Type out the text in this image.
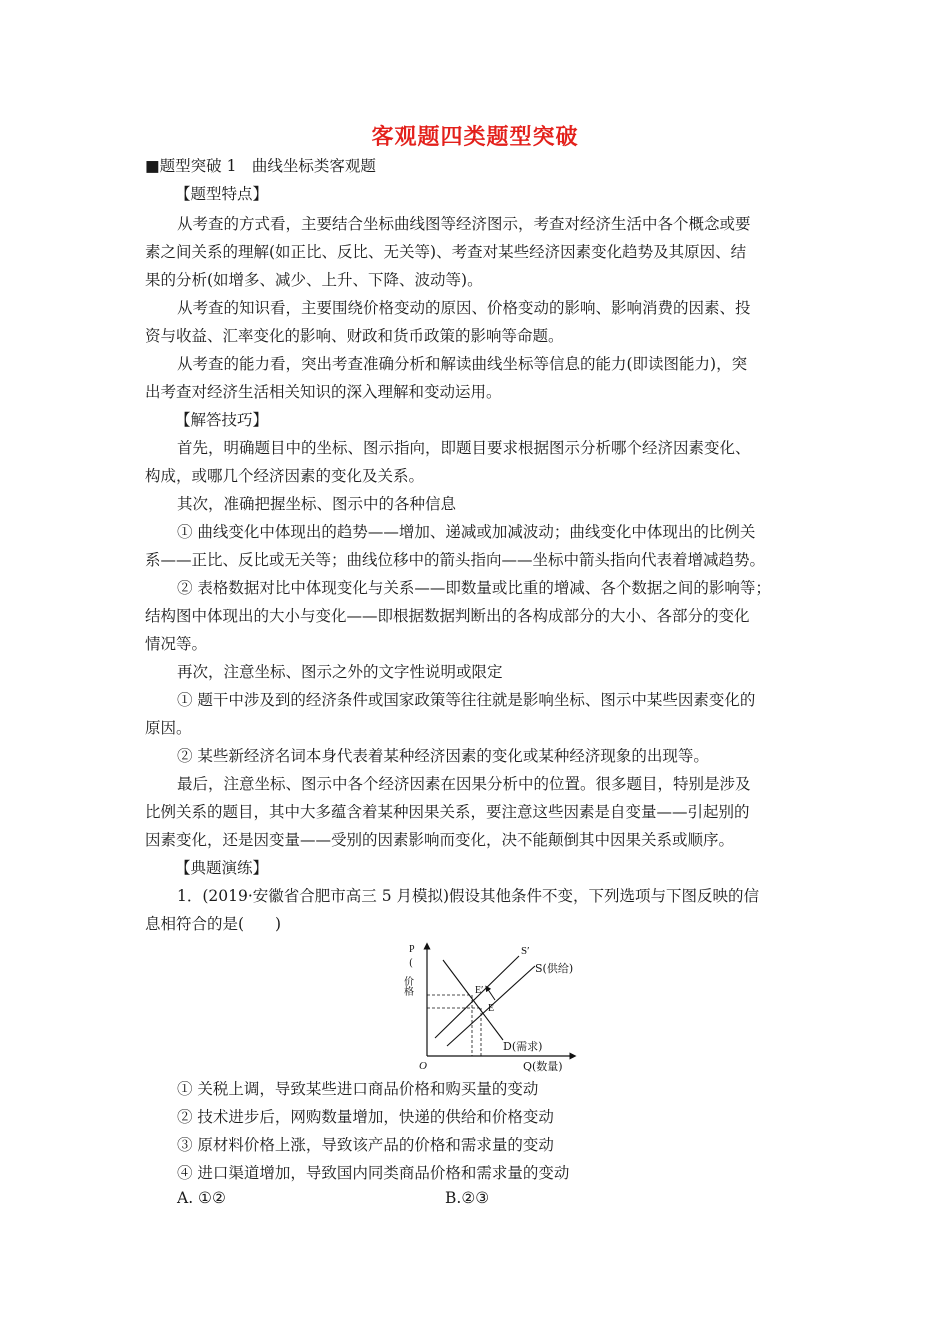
客观题四类题型突破
■题型突破 1　曲线坐标类客观题
【题型特点】
从考查的方式看，主要结合坐标曲线图等经济图示，考查对经济生活中各个概念或要
素之间关系的理解(如正比、反比、无关等)、考查对某些经济因素变化趋势及其原因、结
果的分析(如增多、减少、上升、下降、波动等)。
从考查的知识看，主要围绕价格变动的原因、价格变动的影响、影响消费的因素、投
资与收益、汇率变化的影响、财政和货币政策的影响等命题。
从考查的能力看，突出考查准确分析和解读曲线坐标等信息的能力(即读图能力)，突
出考查对经济生活相关知识的深入理解和变动运用。
【解答技巧】
首先，明确题目中的坐标、图示指向，即题目要求根据图示分析哪个经济因素变化、
构成，或哪几个经济因素的变化及关系。
其次，准确把握坐标、图示中的各种信息
① 曲线变化中体现出的趋势——增加、递减或加减波动；曲线变化中体现出的比例关
系——正比、反比或无关等；曲线位移中的箭头指向——坐标中箭头指向代表着增减趋势。
② 表格数据对比中体现变化与关系——即数量或比重的增减、各个数据之间的影响等；
结构图中体现出的大小与变化——即根据数据判断出的各构成部分的大小、各部分的变化
情况等。
再次，注意坐标、图示之外的文字性说明或限定
① 题干中涉及到的经济条件或国家政策等往往就是影响坐标、图示中某些因素变化的
原因。
② 某些新经济名词本身代表着某种经济因素的变化或某种经济现象的出现等。
最后，注意坐标、图示中各个经济因素在因果分析中的位置。很多题目，特别是涉及
比例关系的题目，其中大多蕴含着某种因果关系，要注意这些因素是自变量——引起别的
因素变化，还是因变量——受别的因素影响而变化，决不能颠倒其中因果关系或顺序。
【典题演练】
1．(2019·安徽省合肥市高三 5 月模拟)假设其他条件不变，下列选项与下图反映的信
息相符合的是(　　)
P
(
价格
O	Q(数量)
S′
S(供给)
E′
E
D(需求)
① 关税上调，导致某些进口商品价格和购买量的变动
② 技术进步后，网购数量增加，快递的供给和价格变动
③ 原材料价格上涨，导致该产品的价格和需求量的变动
④ 进口渠道增加，导致国内同类商品价格和需求量的变动
A. ①②	B.②③
